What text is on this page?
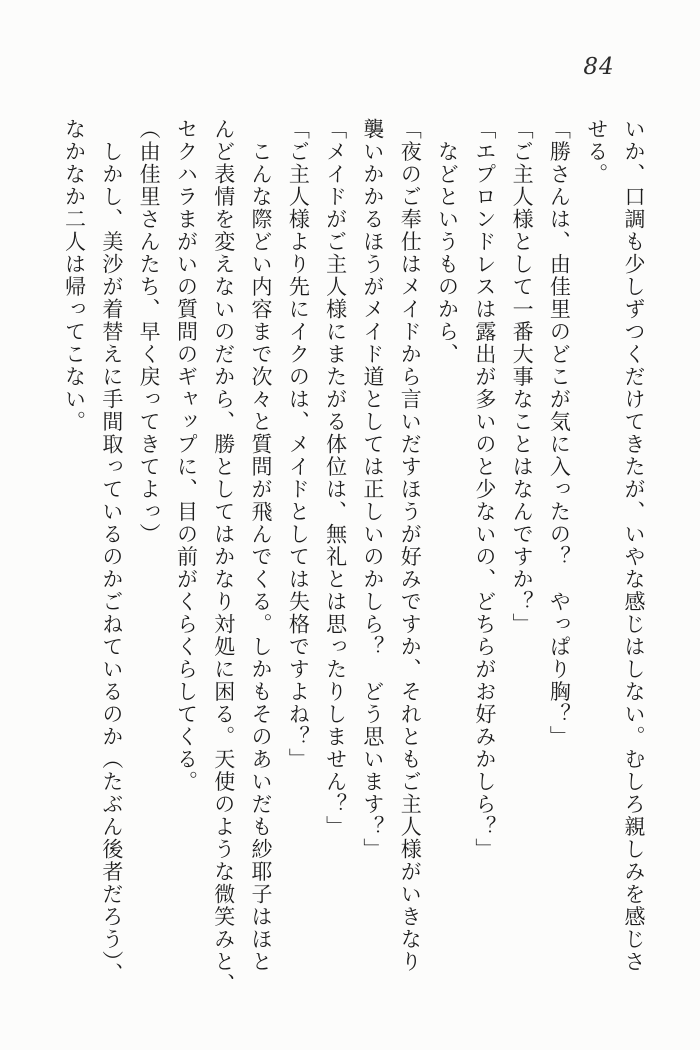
84

いか、口調も少しずつくだけてきたが、いやな感じはしない。むしろ親しみを感じさ

せる。

「勝さんは、由佳里のどこが気に入ったの？　やっぱり胸？」

「ご主人様として一番大事なことはなんですか？」

「エプロンドレスは露出が多いのと少ないの、どちらがお好みかしら？」

　などというものから、

「夜のご奉仕はメイドから言いだすほうが好みですか、それともご主人様がいきなり

襲いかかるほうがメイド道としては正しいのかしら？　どう思います？」

「メイドがご主人様にまたがる体位は、無礼とは思ったりしません？」

「ご主人様より先にイクのは、メイドとしては失格ですよね？」

　こんな際どい内容まで次々と質問が飛んでくる。しかもそのあいだも紗耶子はほと

んど表情を変えないのだから、勝としてはかなり対処に困る。天使のような微笑みと、

セクハラまがいの質問のギャップに、目の前がくらくらしてくる。

（由佳里さんたち、早く戻ってきてよっ）

　しかし、美沙が着替えに手間取っているのかごねているのか（たぶん後者だろう）、

なかなか二人は帰ってこない。
